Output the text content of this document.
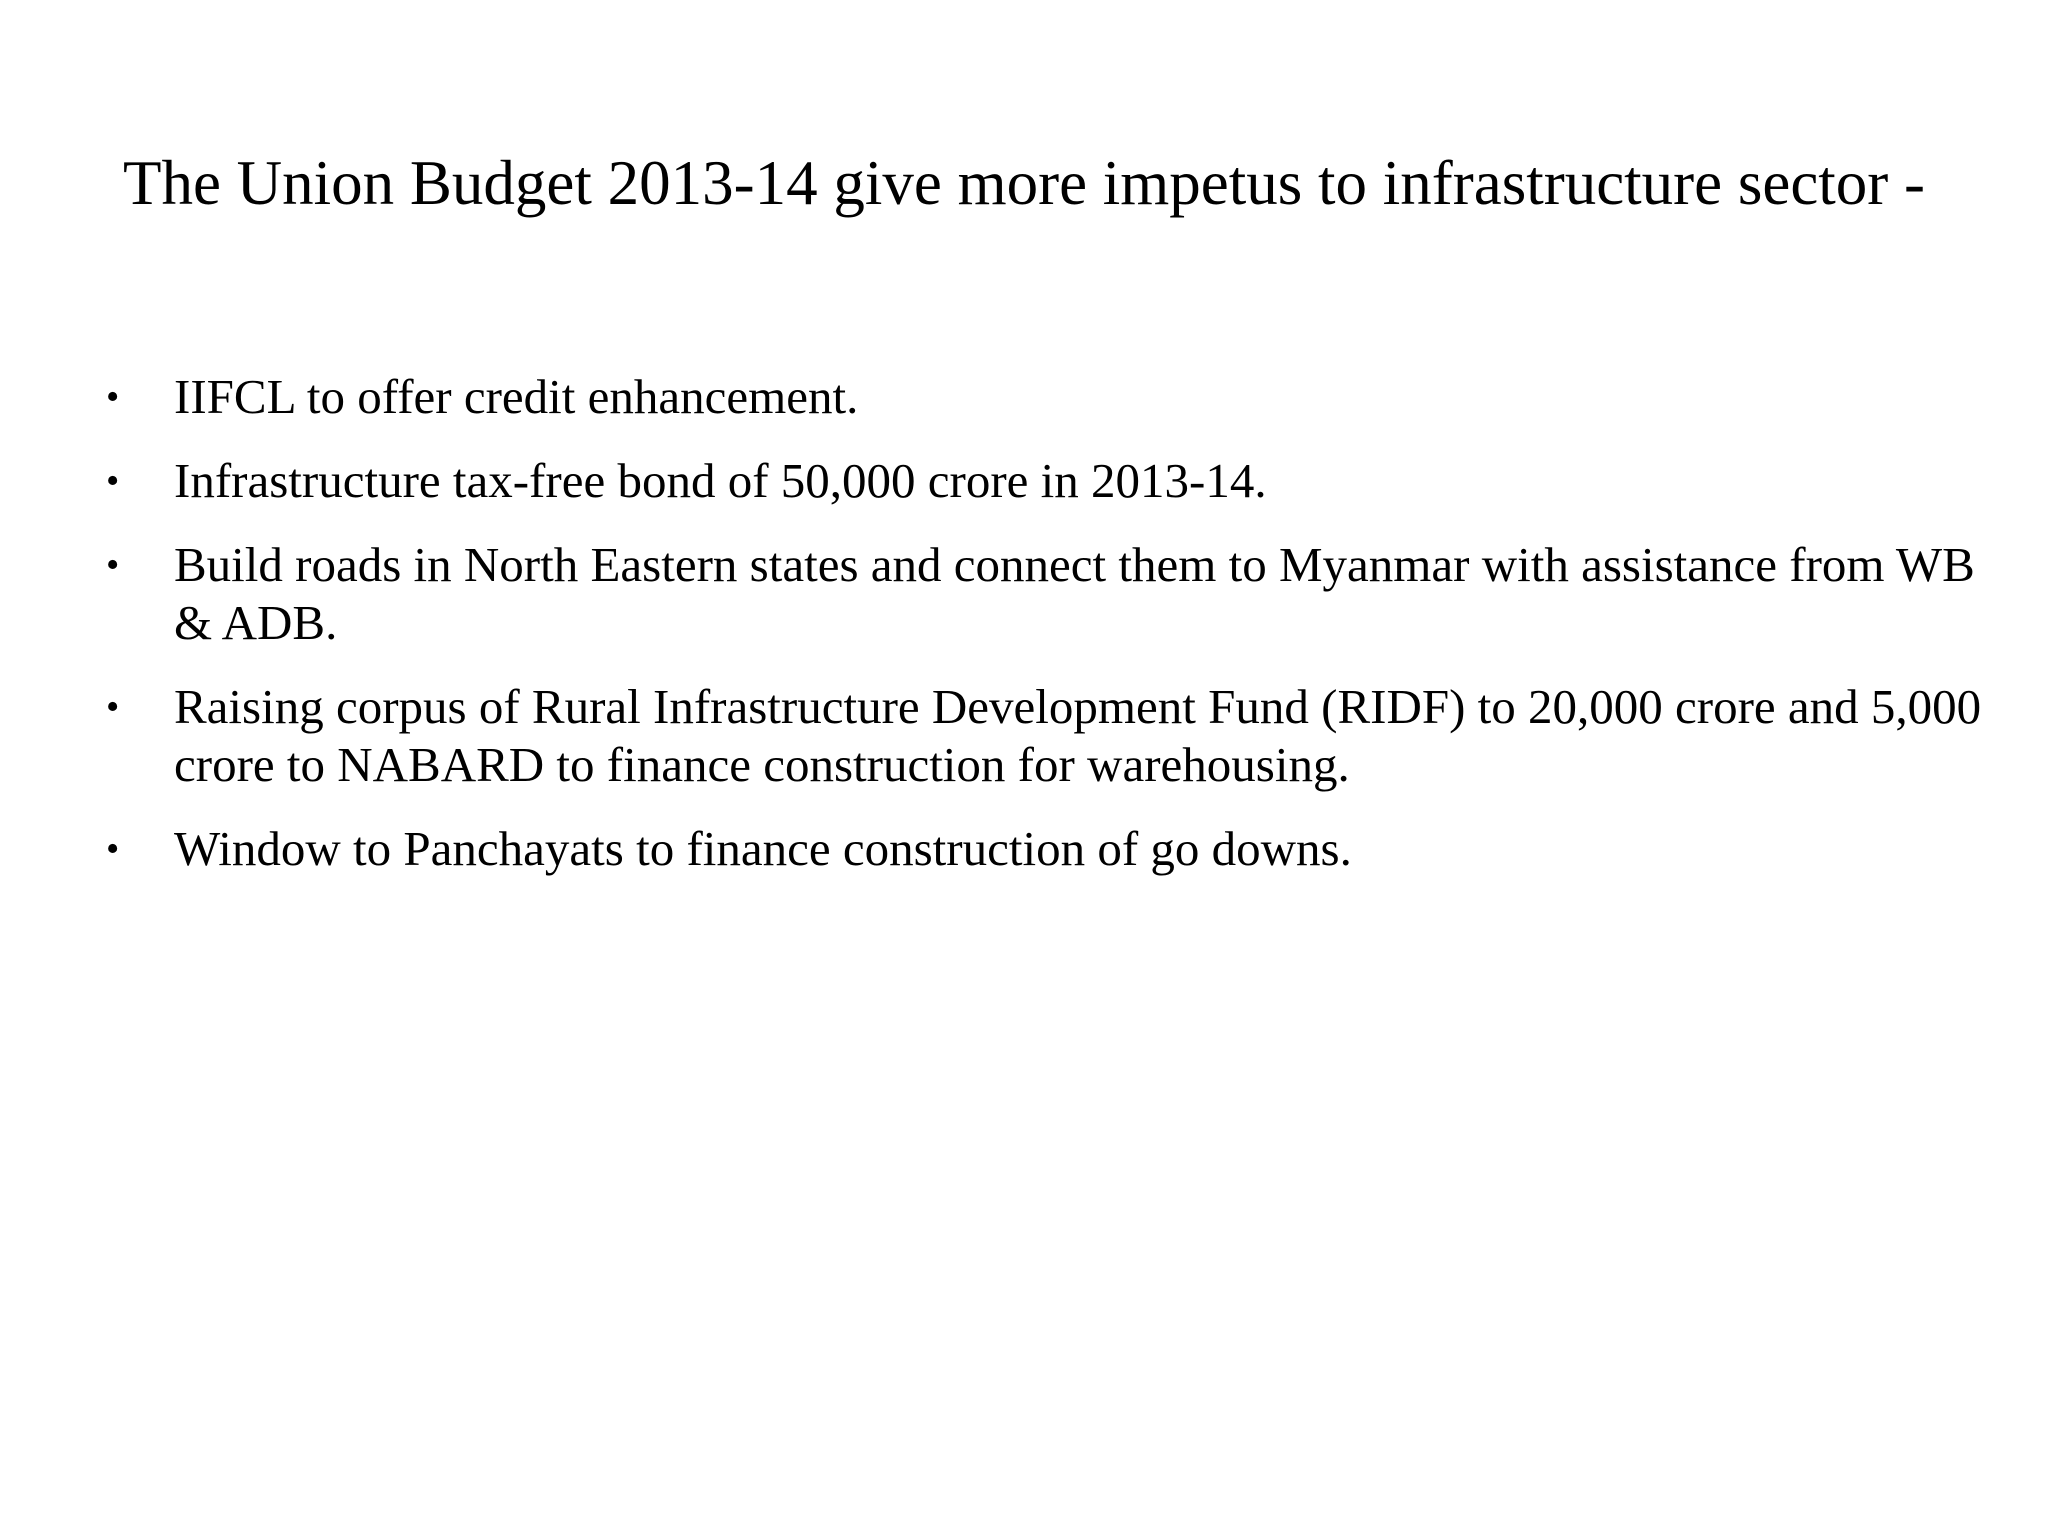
The Union Budget 2013-14 give more impetus to infrastructure sector -
•	IIFCL to offer credit enhancement.
•	Infrastructure tax-free bond of 50,000 crore in 2013-14.
•	Build roads in North Eastern states and connect them to Myanmar with assistance from WB & ADB.
•	Raising corpus of Rural Infrastructure Development Fund (RIDF) to 20,000 crore and 5,000 crore to NABARD to finance construction for warehousing.
•	Window to Panchayats to finance construction of go downs.
